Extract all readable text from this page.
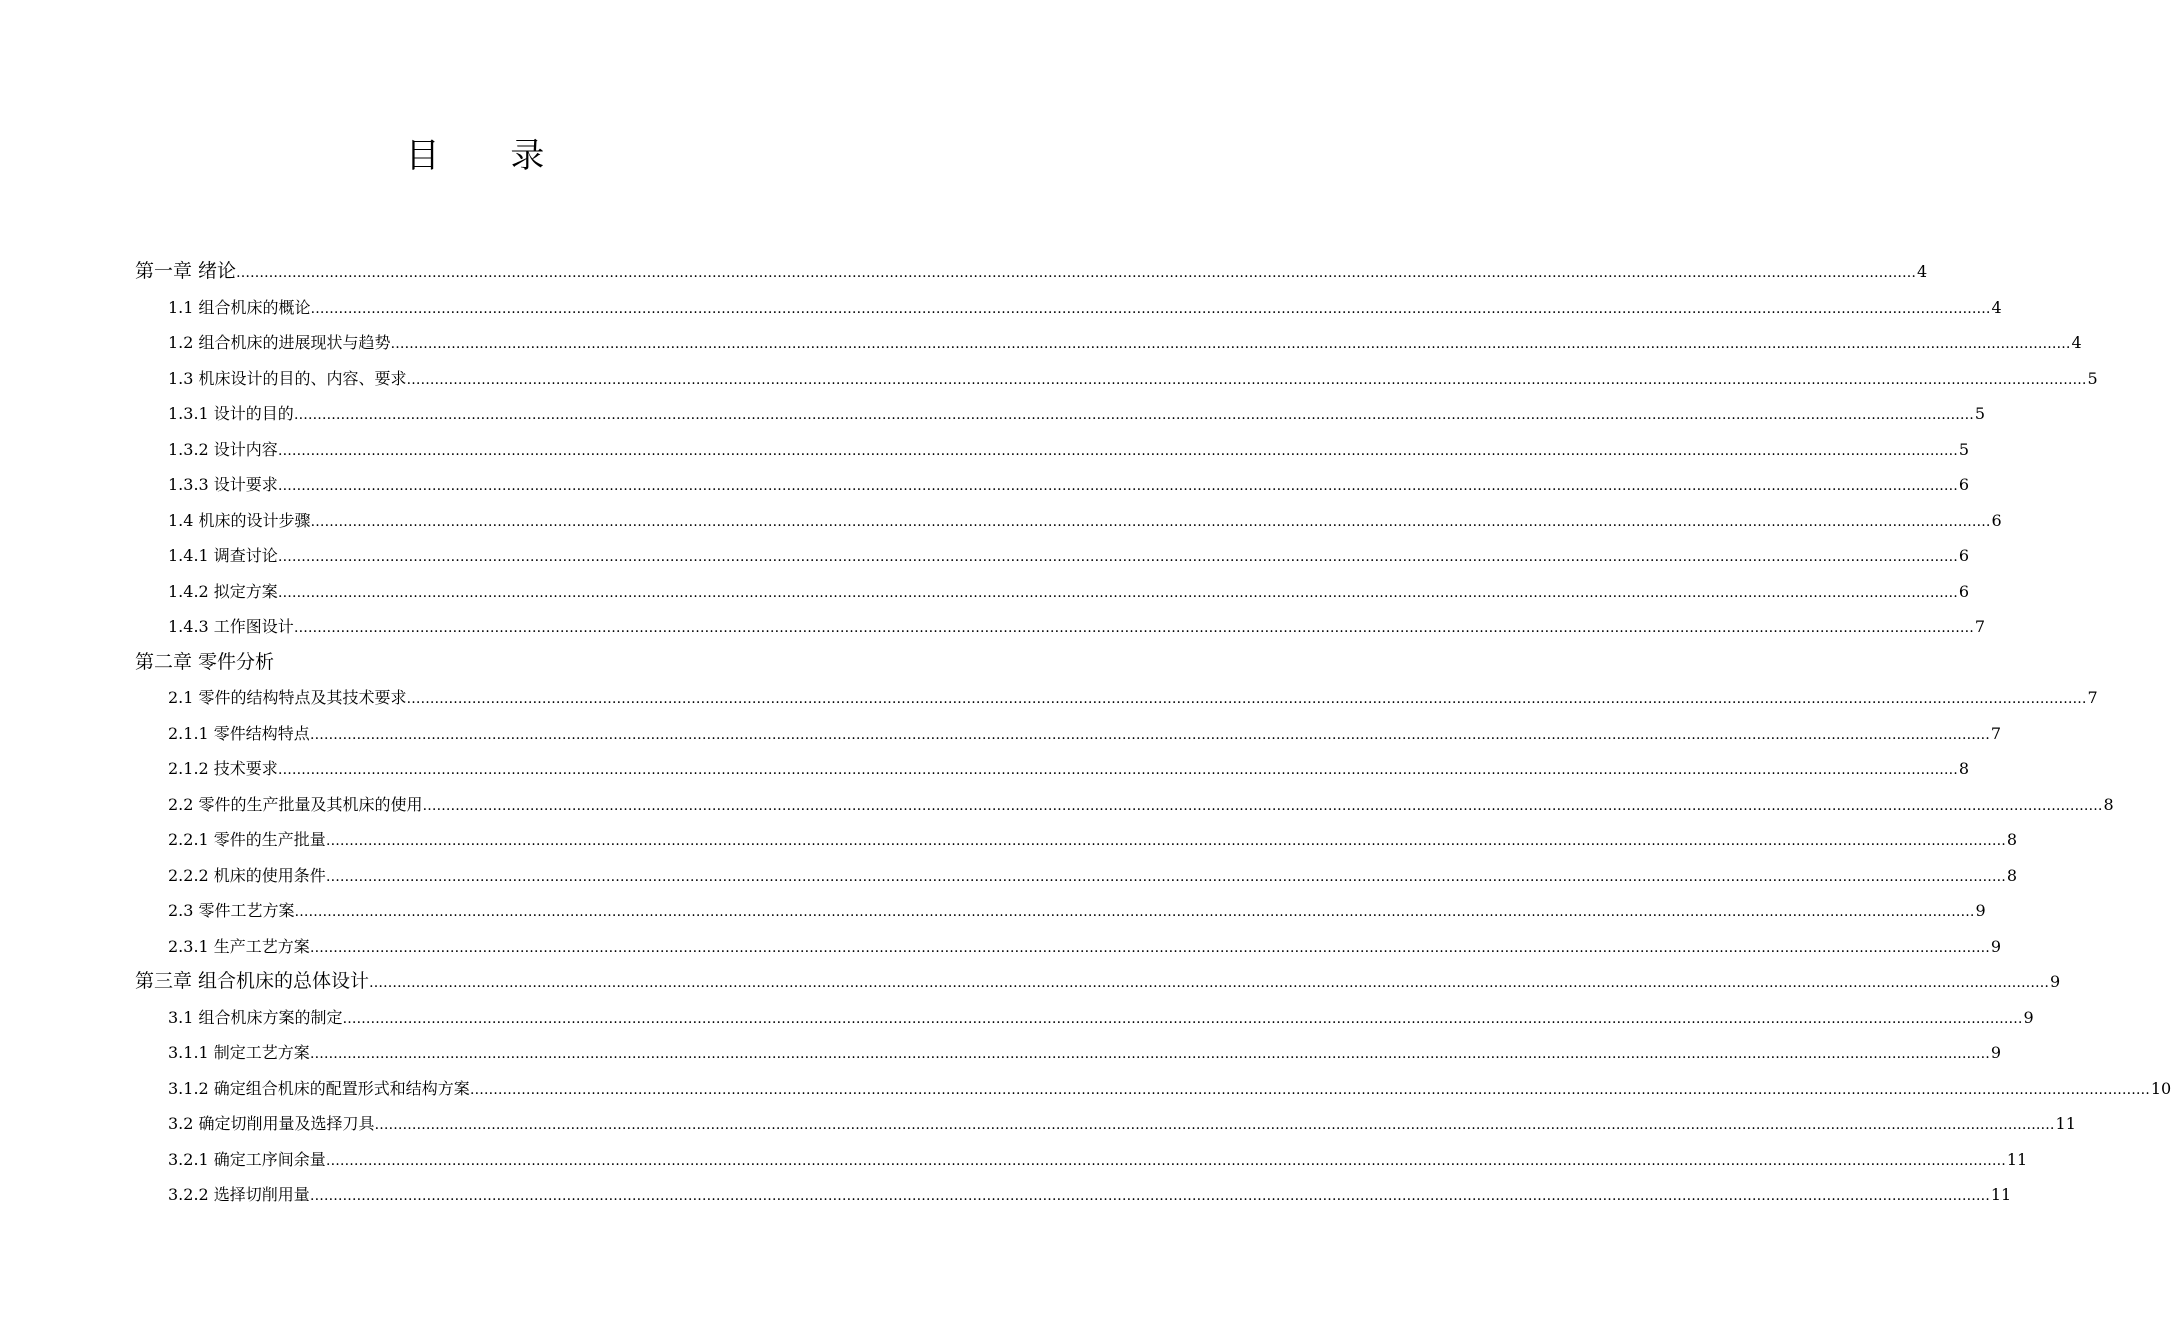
目 录
第一章 绪论 ……………………………………………………………………………………………………………………………………………………………………………………………………………………………………………………………………………………………………………………………… 4
1.1 组合机床的概论 ……………………………………………………………………………………………………………………………………………………………………………………………………………………………………………………………………………………………………………………………… 4
1.2 组合机床的进展现状与趋势 ……………………………………………………………………………………………………………………………………………………………………………………………………………………………………………………………………………………………………………………………… 4
1.3 机床设计的目的、内容、要求 ……………………………………………………………………………………………………………………………………………………………………………………………………………………………………………………………………………………………………………………………… 5
1.3.1 设计的目的 ……………………………………………………………………………………………………………………………………………………………………………………………………………………………………………………………………………………………………………………………… 5
1.3.2 设计内容 ……………………………………………………………………………………………………………………………………………………………………………………………………………………………………………………………………………………………………………………………… 5
1.3.3 设计要求 ……………………………………………………………………………………………………………………………………………………………………………………………………………………………………………………………………………………………………………………………… 6
1.4 机床的设计步骤 ……………………………………………………………………………………………………………………………………………………………………………………………………………………………………………………………………………………………………………………………… 6
1.4.1 调查讨论 ……………………………………………………………………………………………………………………………………………………………………………………………………………………………………………………………………………………………………………………………… 6
1.4.2 拟定方案 ……………………………………………………………………………………………………………………………………………………………………………………………………………………………………………………………………………………………………………………………… 6
1.4.3 工作图设计 ……………………………………………………………………………………………………………………………………………………………………………………………………………………………………………………………………………………………………………………………… 7
第二章 零件分析
2.1 零件的结构特点及其技术要求 ……………………………………………………………………………………………………………………………………………………………………………………………………………………………………………………………………………………………………………………………… 7
2.1.1 零件结构特点 ……………………………………………………………………………………………………………………………………………………………………………………………………………………………………………………………………………………………………………………………… 7
2.1.2 技术要求 ……………………………………………………………………………………………………………………………………………………………………………………………………………………………………………………………………………………………………………………………… 8
2.2 零件的生产批量及其机床的使用 ……………………………………………………………………………………………………………………………………………………………………………………………………………………………………………………………………………………………………………………………… 8
2.2.1 零件的生产批量 ……………………………………………………………………………………………………………………………………………………………………………………………………………………………………………………………………………………………………………………………… 8
2.2.2 机床的使用条件 ……………………………………………………………………………………………………………………………………………………………………………………………………………………………………………………………………………………………………………………………… 8
2.3 零件工艺方案 ……………………………………………………………………………………………………………………………………………………………………………………………………………………………………………………………………………………………………………………………… 9
2.3.1 生产工艺方案 ……………………………………………………………………………………………………………………………………………………………………………………………………………………………………………………………………………………………………………………………… 9
第三章 组合机床的总体设计 ……………………………………………………………………………………………………………………………………………………………………………………………………………………………………………………………………………………………………………………………… 9
3.1 组合机床方案的制定 ……………………………………………………………………………………………………………………………………………………………………………………………………………………………………………………………………………………………………………………………… 9
3.1.1 制定工艺方案 ……………………………………………………………………………………………………………………………………………………………………………………………………………………………………………………………………………………………………………………………… 9
3.1.2 确定组合机床的配置形式和结构方案 ……………………………………………………………………………………………………………………………………………………………………………………………………………………………………………………………………………………………………………………………… 10
3.2 确定切削用量及选择刀具 ……………………………………………………………………………………………………………………………………………………………………………………………………………………………………………………………………………………………………………………………… 11
3.2.1 确定工序间余量 ……………………………………………………………………………………………………………………………………………………………………………………………………………………………………………………………………………………………………………………………… 11
3.2.2 选择切削用量 ……………………………………………………………………………………………………………………………………………………………………………………………………………………………………………………………………………………………………………………………… 11
